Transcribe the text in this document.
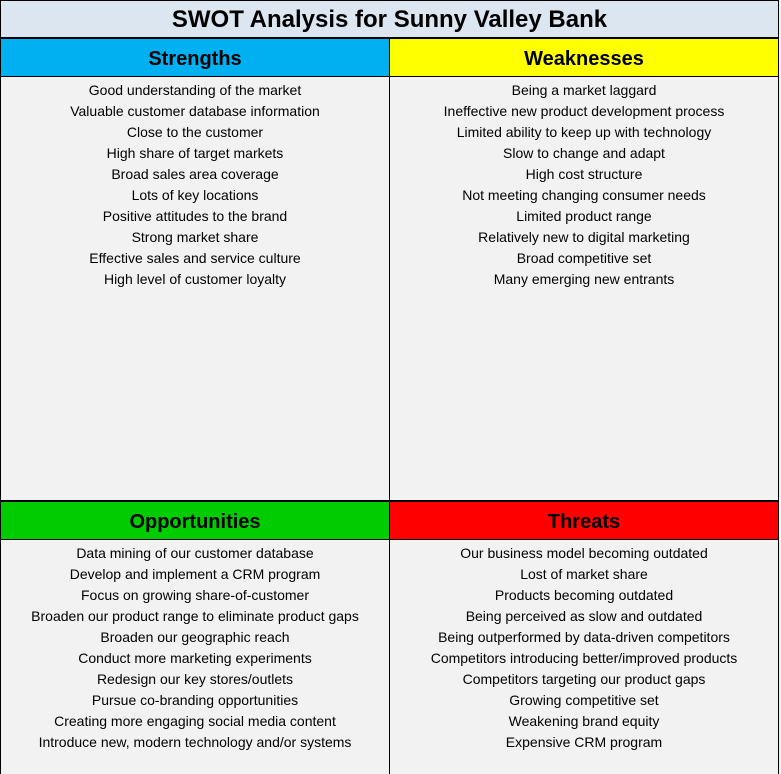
SWOT Analysis for Sunny Valley Bank
Strengths
Good understanding of the market
Valuable customer database information
Close to the customer
High share of target markets
Broad sales area coverage
Lots of key locations
Positive attitudes to the brand
Strong market share
Effective sales and service culture
High level of customer loyalty
Weaknesses
Being a market laggard
Ineffective new product development process
Limited ability to keep up with technology
Slow to change and adapt
High cost structure
Not meeting changing consumer needs
Limited product range
Relatively new to digital marketing
Broad competitive set
Many emerging new entrants
Opportunities
Data mining of our customer database
Develop and implement a CRM program
Focus on growing share-of-customer
Broaden our product range to eliminate product gaps
Broaden our geographic reach
Conduct more marketing experiments
Redesign our key stores/outlets
Pursue co-branding opportunities
Creating more engaging social media content
Introduce new, modern technology and/or systems
Threats
Our business model becoming outdated
Lost of market share
Products becoming outdated
Being perceived as slow and outdated
Being outperformed by data-driven competitors
Competitors introducing better/improved products
Competitors targeting our product gaps
Growing competitive set
Weakening brand equity
Expensive CRM program
